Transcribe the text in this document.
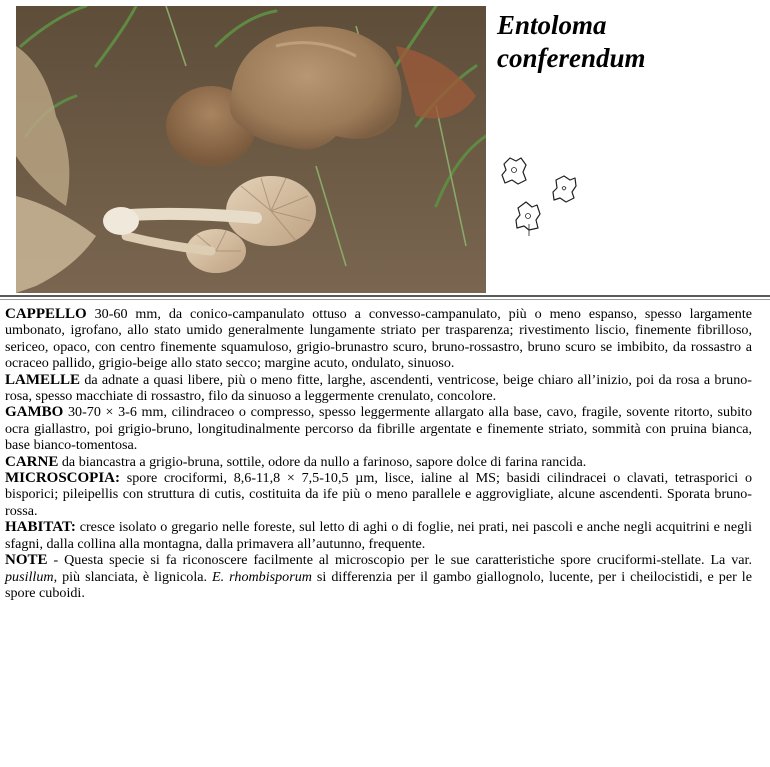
Entoloma
conferendum

CAPPELLO 30-60 mm, da conico-campanulato ottuso a convesso-campanulato, più o meno espanso, spesso largamente umbonato, igrofano, allo stato umido generalmente lungamente striato per trasparenza; rivestimento liscio, finemente fibrilloso, sericeo, opaco, con centro finemente squamuloso, grigio-brunastro scuro, bruno-rossastro, bruno scuro se imbibito, da rossastro a ocraceo pallido, grigio-beige allo stato secco; margine acuto, ondulato, sinuoso.

LAMELLE da adnate a quasi libere, più o meno fitte, larghe, ascendenti, ventricose, beige chiaro all’inizio, poi da rosa a bruno-rosa, spesso macchiate di rossastro, filo da sinuoso a leggermente crenulato, concolore.

GAMBO 30-70 × 3-6 mm, cilindraceo o compresso, spesso leggermente allargato alla base, cavo, fragile, sovente ritorto, subito ocra giallastro, poi grigio-bruno, longitudinalmente percorso da fibrille argentate e finemente striato, sommità con pruina bianca, base bianco-tomentosa.

CARNE da biancastra a grigio-bruna, sottile, odore da nullo a farinoso, sapore dolce di farina rancida.

MICROSCOPIA: spore crociformi, 8,6-11,8 × 7,5-10,5 µm, lisce, ialine al MS; basidi cilindracei o clavati, tetrasporici o bisporici; pileipellis con struttura di cutis, costituita da ife più o meno parallele e aggrovigliate, alcune ascendenti. Sporata bruno-rossa.

HABITAT: cresce isolato o gregario nelle foreste, sul letto di aghi o di foglie, nei prati, nei pascoli e anche negli acquitrini e negli sfagni, dalla collina alla montagna, dalla primavera all’autunno, frequente.

NOTE - Questa specie si fa riconoscere facilmente al microscopio per le sue caratteristiche spore cruciformi-stellate. La var. pusillum, più slanciata, è lignicola. E. rhombisporum si differenzia per il gambo giallognolo, lucente, per i cheilocistidi, e per le spore cuboidi.
